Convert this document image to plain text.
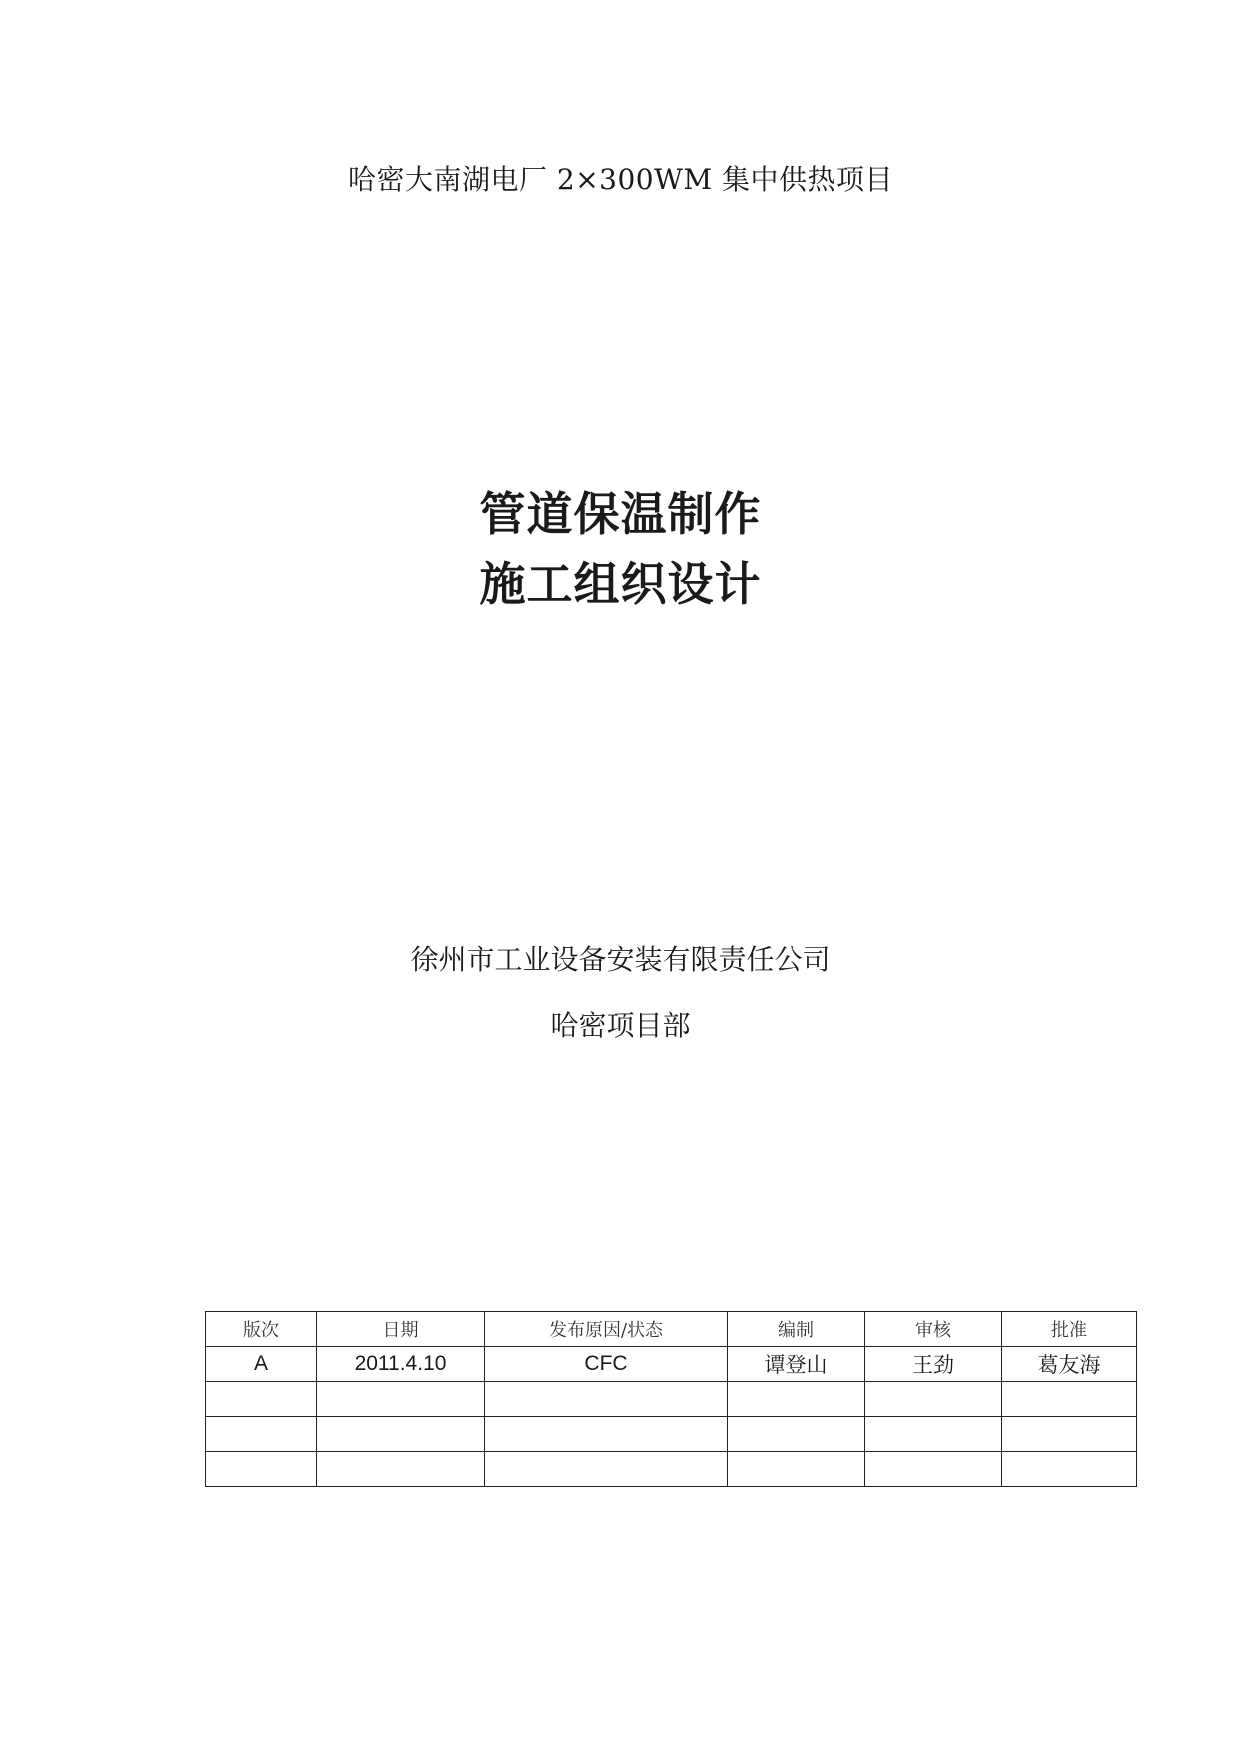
哈密大南湖电厂 2×300WM 集中供热项目
管道保温制作
施工组织设计
徐州市工业设备安装有限责任公司
哈密项目部
版次	日期	发布原因/状态	编制	审核	批准
A	2011.4.10	CFC	谭登山	王劲	葛友海
